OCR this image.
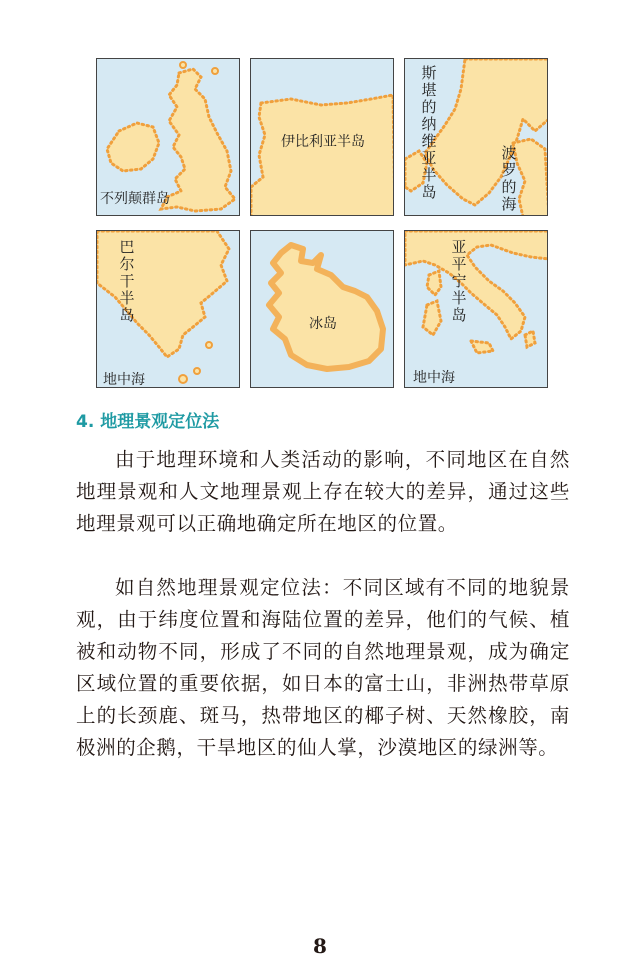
不列颠群岛
伊比利亚半岛
斯堪的纳维亚半岛
波罗的海
巴尔干半岛
地中海
冰岛
亚平宁半岛
地中海
4. 地理景观定位法

由于地理环境和人类活动的影响，不同地区在自然地理景观和人文地理景观上存在较大的差异，通过这些地理景观可以正确地确定所在地区的位置。

如自然地理景观定位法：不同区域有不同的地貌景观，由于纬度位置和海陆位置的差异，他们的气候、植被和动物不同，形成了不同的自然地理景观，成为确定区域位置的重要依据，如日本的富士山，非洲热带草原上的长颈鹿、斑马，热带地区的椰子树、天然橡胶，南极洲的企鹅，干旱地区的仙人掌，沙漠地区的绿洲等。

8
